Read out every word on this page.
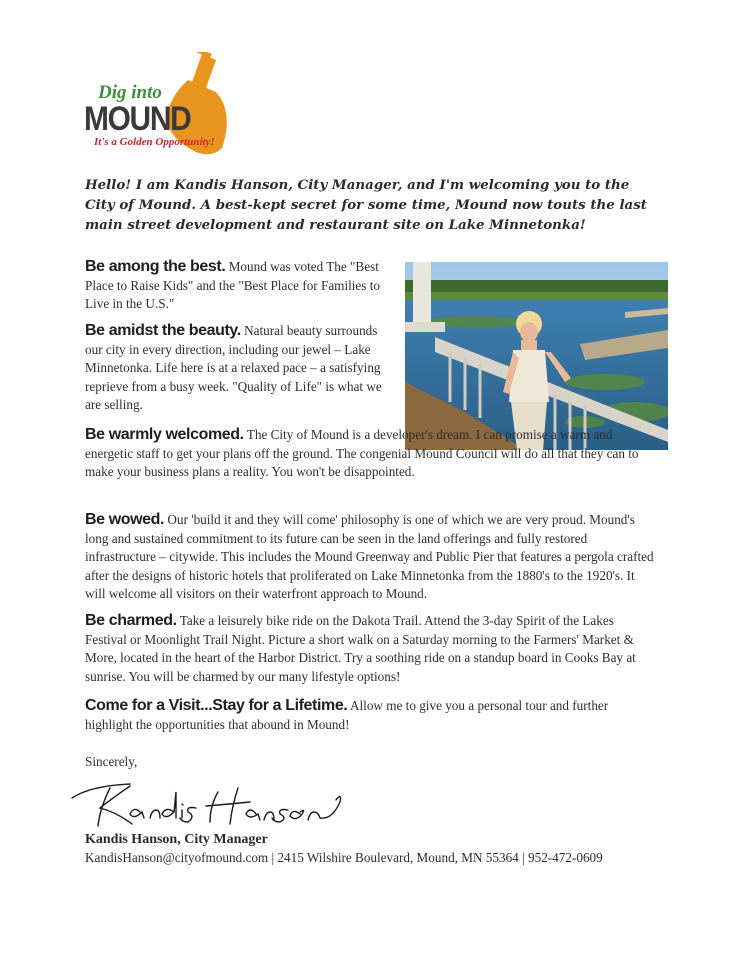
Dig into
MOUND
It's a Golden Opportunity!

Hello! I am Kandis Hanson, City Manager, and I'm welcoming you to the City of Mound. A best-kept secret for some time, Mound now touts the last main street development and restaurant site on Lake Minnetonka!

Be among the best. Mound was voted The "Best Place to Raise Kids" and the "Best Place for Families to Live in the U.S."

Be amidst the beauty. Natural beauty surrounds our city in every direction, including our jewel – Lake Minnetonka. Life here is at a relaxed pace – a satisfying reprieve from a busy week. "Quality of Life" is what we are selling.

Be warmly welcomed. The City of Mound is a developer's dream. I can promise a warm and energetic staff to get your plans off the ground. The congenial Mound Council will do all that they can to make your business plans a reality. You won't be disappointed.

Be wowed. Our 'build it and they will come' philosophy is one of which we are very proud. Mound's long and sustained commitment to its future can be seen in the land offerings and fully restored infrastructure – citywide. This includes the Mound Greenway and Public Pier that features a pergola crafted after the designs of historic hotels that proliferated on Lake Minnetonka from the 1880's to the 1920's. It will welcome all visitors on their waterfront approach to Mound.

Be charmed. Take a leisurely bike ride on the Dakota Trail. Attend the 3-day Spirit of the Lakes Festival or Moonlight Trail Night. Picture a short walk on a Saturday morning to the Farmers' Market & More, located in the heart of the Harbor District. Try a soothing ride on a standup board in Cooks Bay at sunrise. You will be charmed by our many lifestyle options!

Come for a Visit...Stay for a Lifetime. Allow me to give you a personal tour and further highlight the opportunities that abound in Mound!

Sincerely,
Kandis Hanson, City Manager
KandisHanson@cityofmound.com | 2415 Wilshire Boulevard, Mound, MN 55364 | 952-472-0609
